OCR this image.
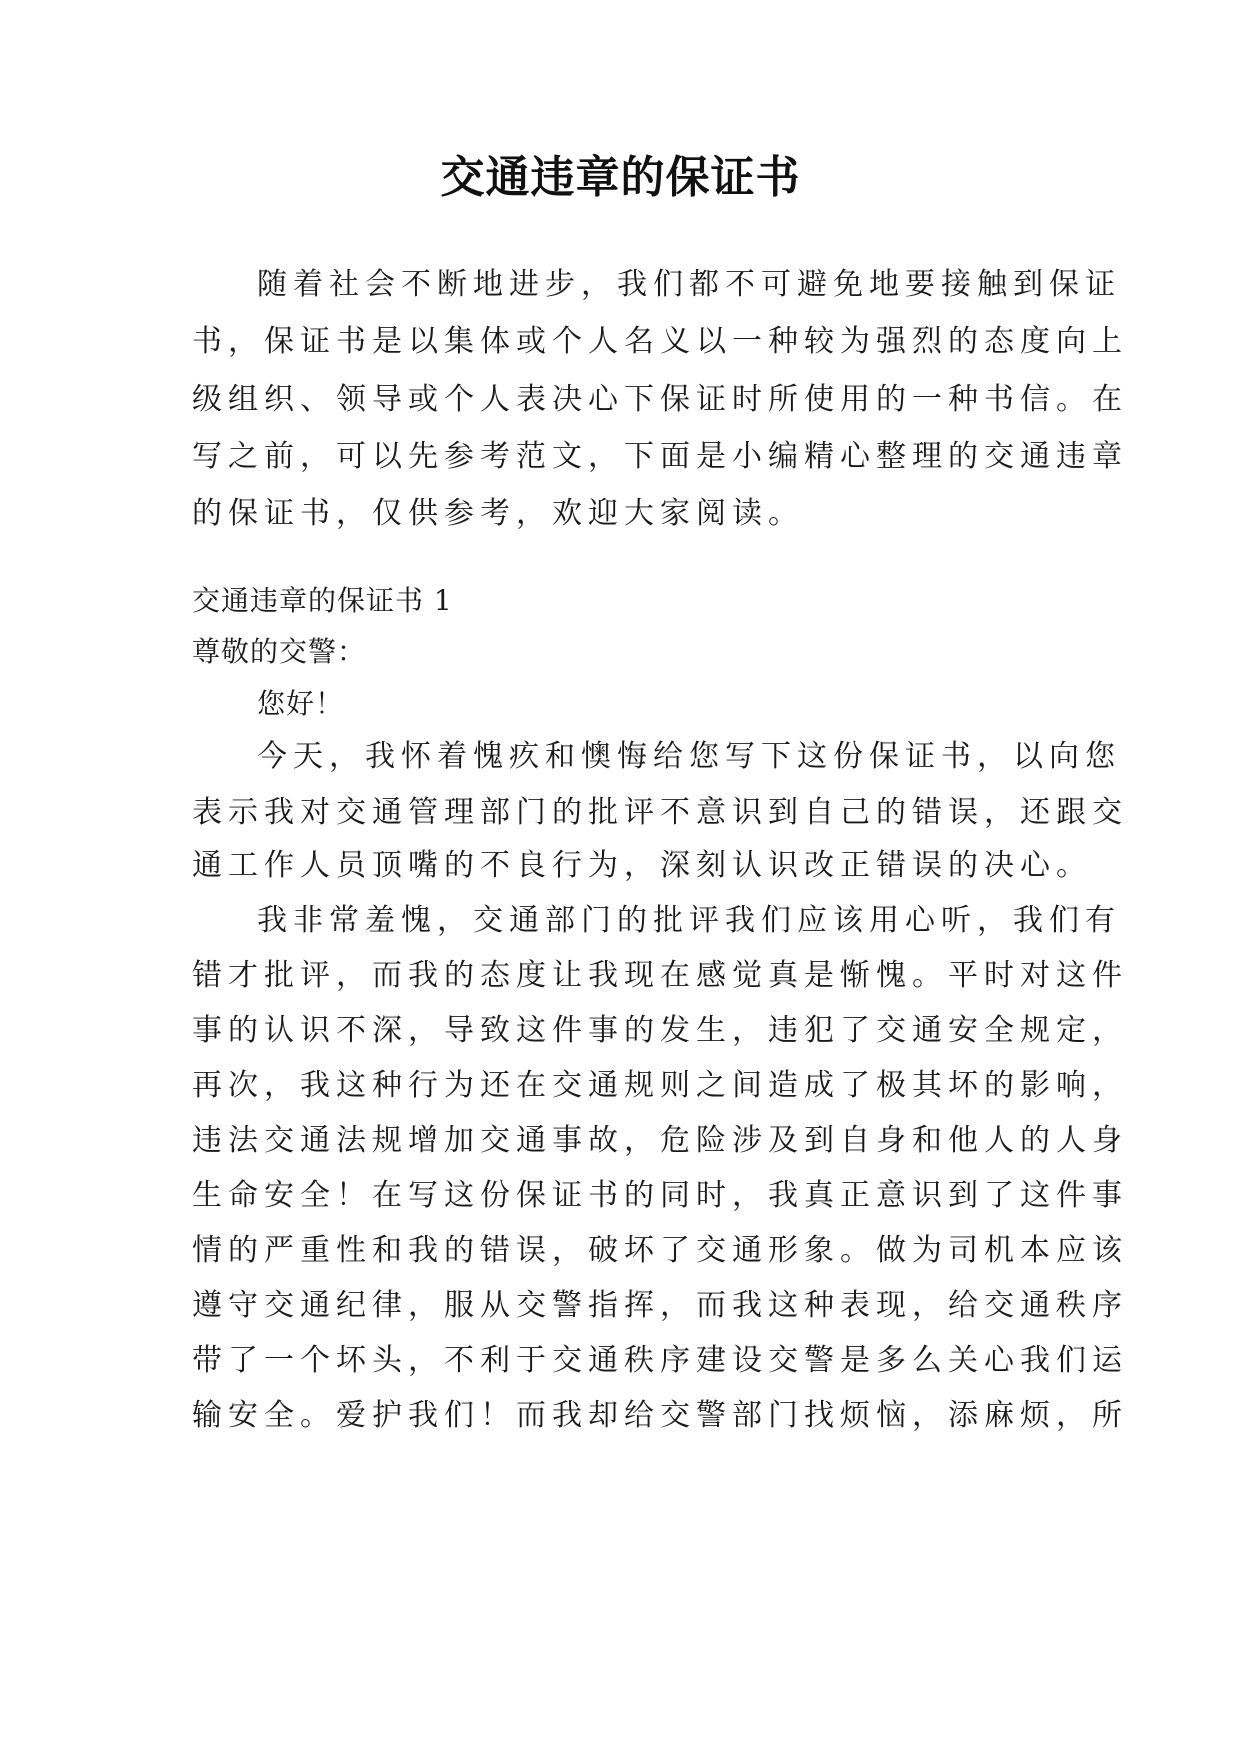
交通违章的保证书
随着社会不断地进步，我们都不可避免地要接触到保证
书，保证书是以集体或个人名义以一种较为强烈的态度向上
级组织、领导或个人表决心下保证时所使用的一种书信。在
写之前，可以先参考范文，下面是小编精心整理的交通违章
的保证书，仅供参考，欢迎大家阅读。
交通违章的保证书 1
尊敬的交警：
您好！
今天，我怀着愧疚和懊悔给您写下这份保证书，以向您
表示我对交通管理部门的批评不意识到自己的错误，还跟交
通工作人员顶嘴的不良行为，深刻认识改正错误的决心。
我非常羞愧，交通部门的批评我们应该用心听，我们有
错才批评，而我的态度让我现在感觉真是惭愧。平时对这件
事的认识不深，导致这件事的发生，违犯了交通安全规定，
再次，我这种行为还在交通规则之间造成了极其坏的影响，
违法交通法规增加交通事故，危险涉及到自身和他人的人身
生命安全！在写这份保证书的同时，我真正意识到了这件事
情的严重性和我的错误，破坏了交通形象。做为司机本应该
遵守交通纪律，服从交警指挥，而我这种表现，给交通秩序
带了一个坏头，不利于交通秩序建设交警是多么关心我们运
输安全。爱护我们！而我却给交警部门找烦恼，添麻烦，所
